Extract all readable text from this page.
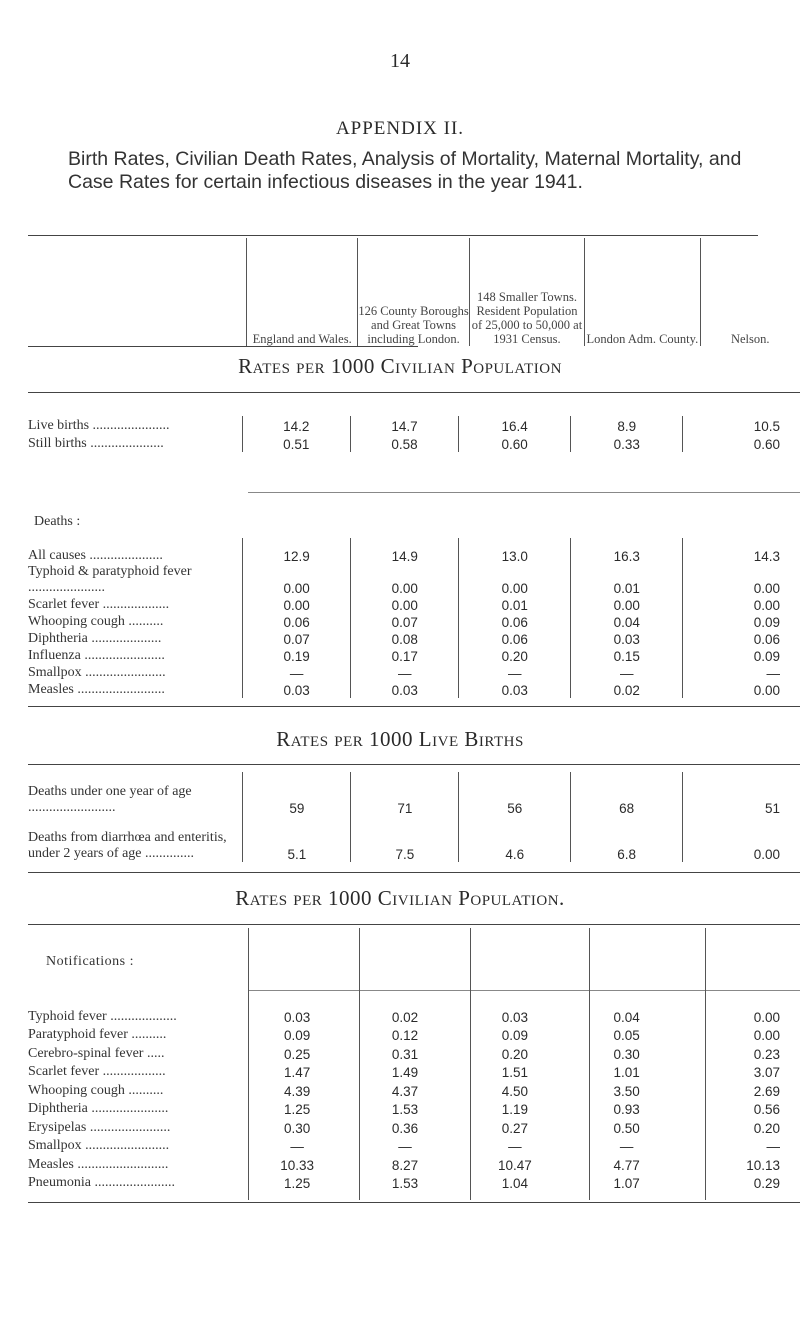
14
APPENDIX II.
Birth Rates, Civilian Death Rates, Analysis of Mortality, Maternal Mortality, and Case Rates for certain infectious diseases in the year 1941.
	England and Wales.	126 County Boroughs and Great Towns including London.	148 Smaller Towns. Resident Population of 25,000 to 50,000 at 1931 Census.	London Adm. County.	Nelson.
Rates per 1000 Civilian Population
Live births ......................	14.2	14.7	16.4	8.9	10.5
Still births .....................	0.51	0.58	0.60	0.33	0.60
Deaths :
All causes .....................	12.9	14.9	13.0	16.3	14.3
Typhoid & paratyphoid fever ......................	0.00	0.00	0.00	0.01	0.00
Scarlet fever ...................	0.00	0.00	0.01	0.00	0.00
Whooping cough ..........	0.06	0.07	0.06	0.04	0.09
Diphtheria ....................	0.07	0.08	0.06	0.03	0.06
Influenza .......................	0.19	0.17	0.20	0.15	0.09
Smallpox .......................	—	—	—	—	—
Measles .........................	0.03	0.03	0.03	0.02	0.00
Rates per 1000 Live Births
Deaths under one year of age .........................	59	71	56	68	51
Deaths from diarrhœa and enteritis, under 2 years of age ..............	5.1	7.5	4.6	6.8	0.00
Rates per 1000 Civilian Population.
Notifications :
Typhoid fever ...................	0.03	0.02	0.03	0.04	0.00
Paratyphoid fever ..........	0.09	0.12	0.09	0.05	0.00
Cerebro-spinal fever .....	0.25	0.31	0.20	0.30	0.23
Scarlet fever ..................	1.47	1.49	1.51	1.01	3.07
Whooping cough ..........	4.39	4.37	4.50	3.50	2.69
Diphtheria ......................	1.25	1.53	1.19	0.93	0.56
Erysipelas .......................	0.30	0.36	0.27	0.50	0.20
Smallpox ........................	—	—	—	—	—
Measles ..........................	10.33	8.27	10.47	4.77	10.13
Pneumonia .......................	1.25	1.53	1.04	1.07	0.29
